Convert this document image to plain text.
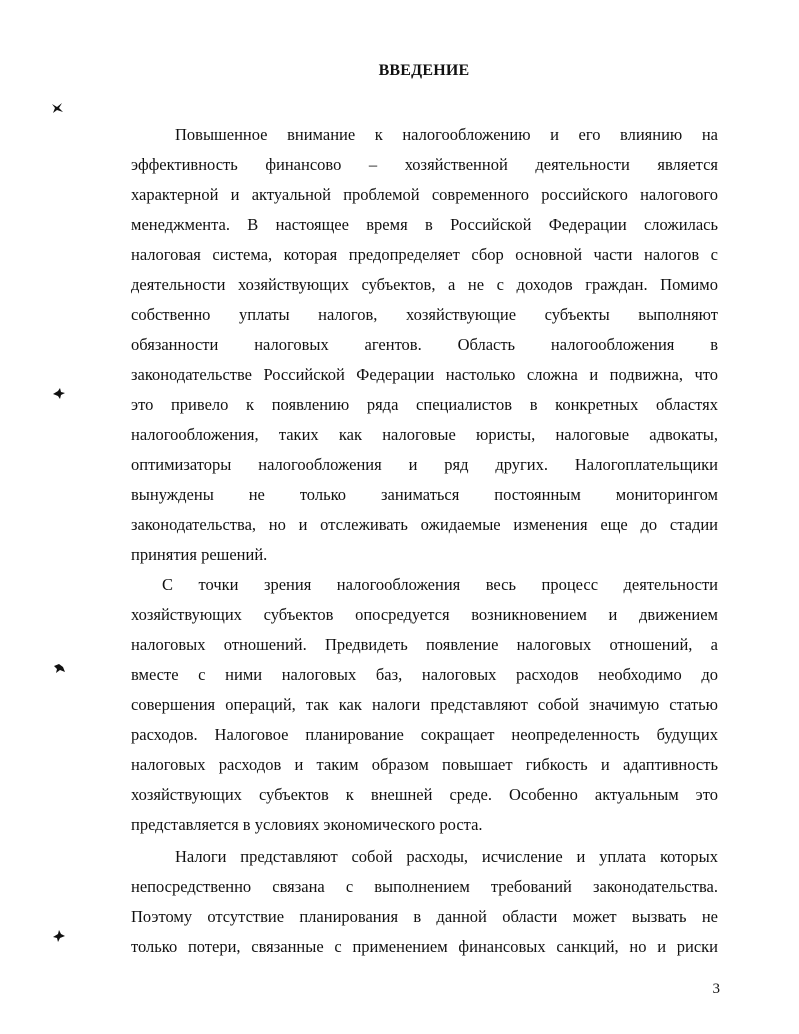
ВВЕДЕНИЕ
Повышенное внимание к налогообложению и его влиянию на
эффективность финансово – хозяйственной деятельности является
характерной и актуальной проблемой современного российского налогового
менеджмента. В настоящее время в Российской Федерации сложилась
налоговая система, которая предопределяет сбор основной части налогов с
деятельности хозяйствующих субъектов, а не с доходов граждан. Помимо
собственно уплаты налогов, хозяйствующие субъекты выполняют
обязанности налоговых агентов. Область налогообложения в
законодательстве Российской Федерации настолько сложна и подвижна, что
это привело к появлению ряда специалистов в конкретных областях
налогообложения, таких как налоговые юристы, налоговые адвокаты,
оптимизаторы налогообложения и ряд других. Налогоплательщики
вынуждены не только заниматься постоянным мониторингом
законодательства, но и отслеживать ожидаемые изменения еще до стадии
принятия решений.
С точки зрения налогообложения весь процесс деятельности
хозяйствующих субъектов опосредуется возникновением и движением
налоговых отношений. Предвидеть появление налоговых отношений, а
вместе с ними налоговых баз, налоговых расходов необходимо до
совершения операций, так как налоги представляют собой значимую статью
расходов. Налоговое планирование сокращает неопределенность будущих
налоговых расходов и таким образом повышает гибкость и адаптивность
хозяйствующих субъектов к внешней среде. Особенно актуальным это
представляется в условиях экономического роста.
Налоги представляют собой расходы, исчисление и уплата которых
непосредственно связана с выполнением требований законодательства.
Поэтому отсутствие планирования в данной области может вызвать не
только потери, связанные с применением финансовых санкций, но и риски
3
